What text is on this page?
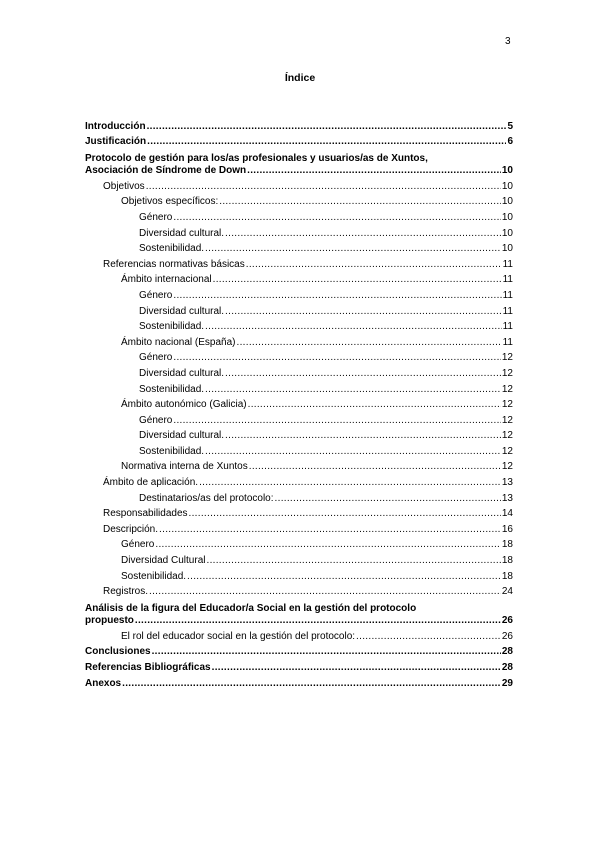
3
Índice
Introducción .....	5
Justificación .....	6
Protocolo de gestión para los/as profesionales y usuarios/as de Xuntos,
Asociación de Síndrome de Down .....	10
Objetivos .....	10
Objetivos específicos: .....	10
Género .....	10
Diversidad cultural. .....	10
Sostenibilidad. .....	10
Referencias normativas básicas .....	11
Ámbito internacional .....	11
Género .....	11
Diversidad cultural. .....	11
Sostenibilidad. .....	11
Ámbito nacional (España) .....	11
Género .....	12
Diversidad cultural. .....	12
Sostenibilidad. .....	12
Ámbito autonómico (Galicia) .....	12
Género .....	12
Diversidad cultural. .....	12
Sostenibilidad. .....	12
Normativa interna de Xuntos .....	12
Ámbito de aplicación. .....	13
Destinatarios/as del protocolo: .....	13
Responsabilidades .....	14
Descripción. .....	16
Género .....	18
Diversidad Cultural .....	18
Sostenibilidad. .....	18
Registros. .....	24
Análisis de la figura del Educador/a Social en la gestión del protocolo
propuesto .....	26
El rol del educador social en la gestión del protocolo: .....	26
Conclusiones .....	28
Referencias Bibliográficas .....	28
Anexos .....	29
